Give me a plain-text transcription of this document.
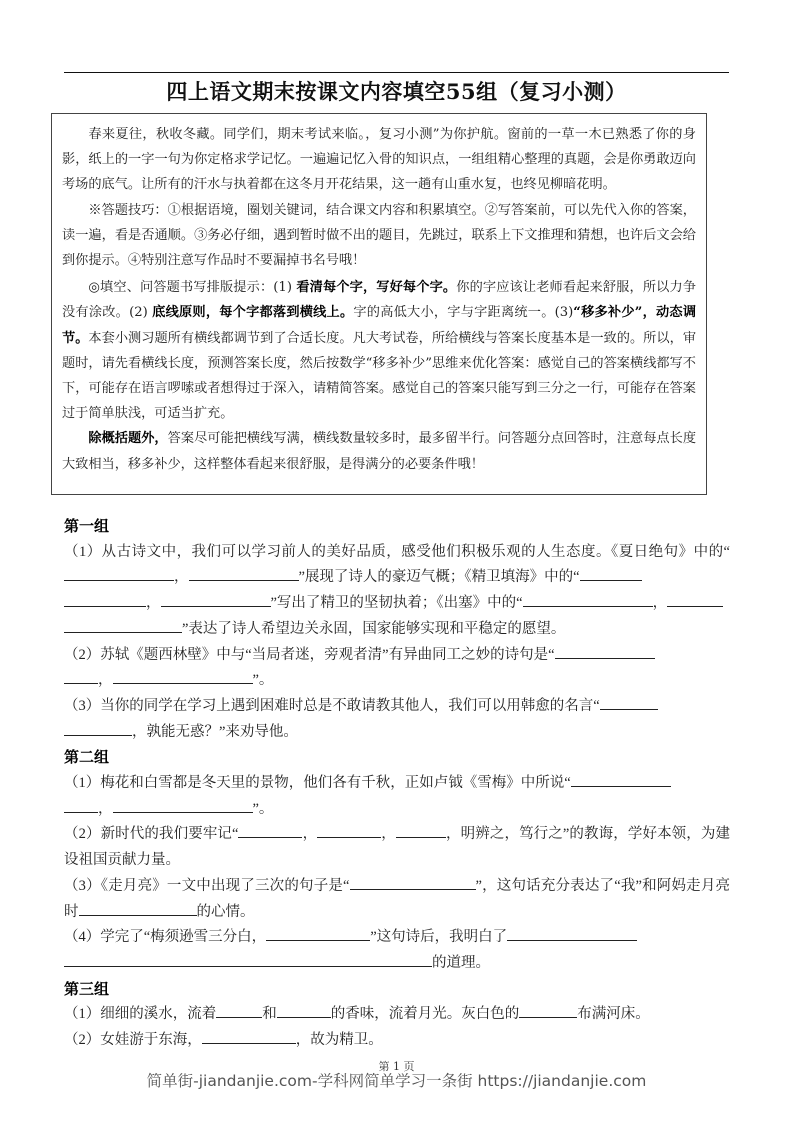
四上语文期末按课文内容填空55组（复习小测）

春来夏往，秋收冬藏。同学们，期末考试来临。，复习小测”为你护航。窗前的一草一木已熟悉了你的身影，纸上的一字一句为你定格求学记忆。一遍遍记忆入骨的知识点，一组组精心整理的真题，会是你勇敢迈向考场的底气。让所有的汗水与执着都在这冬月开花结果，这一趟有山重水复，也终见柳暗花明。

※答题技巧：①根据语境，圈划关键词，结合课文内容和积累填空。②写答案前，可以先代入你的答案，读一遍，看是否通顺。③务必仔细，遇到暂时做不出的题目，先跳过，联系上下文推理和猜想，也许后文会给到你提示。④特别注意写作品时不要漏掉书名号哦！

◎填空、问答题书写排版提示：(1) 看清每个字，写好每个字。你的字应该让老师看起来舒服，所以力争没有涂改。(2) 底线原则，每个字都落到横线上。字的高低大小，字与字距离统一。(3)“移多补少”，动态调节。本套小测习题所有横线都调节到了合适长度。凡大考试卷，所给横线与答案长度基本是一致的。所以，审题时，请先看横线长度，预测答案长度，然后按数学“移多补少”思维来优化答案：感觉自己的答案横线都写不下，可能存在语言啰嗦或者想得过于深入，请精简答案。感觉自己的答案只能写到三分之一行，可能存在答案过于简单肤浅，可适当扩充。

除概括题外，答案尽可能把横线写满，横线数量较多时，最多留半行。问答题分点回答时，注意每点长度大致相当，移多补少，这样整体看起来很舒服，是得满分的必要条件哦！

第一组

（1）从古诗文中，我们可以学习前人的美好品质，感受他们积极乐观的人生态度。《夏日绝句》中的“，	”展现了诗人的豪迈气概；《精卫填海》中的“
，	”写出了精卫的坚韧执着；《出塞》中的“	，
”表达了诗人希望边关永固，国家能够实现和平稳定的愿望。

（2）苏轼《题西林壁》中与“当局者迷，旁观者清”有异曲同工之妙的诗句是“
，	”。

（3）当你的同学在学习上遇到困难时总是不敢请教其他人，我们可以用韩愈的名言“
，孰能无惑？”来劝导他。

第二组

（1）梅花和白雪都是冬天里的景物，他们各有千秋，正如卢钺《雪梅》中所说“
，	”。

（2）新时代的我们要牢记“	，	，	，明辨之，笃行之”的教诲，学好本领，为建设祖国贡献力量。

（3）《走月亮》一文中出现了三次的句子是“	”，这句话充分表达了“我”和阿妈走月亮时	的心情。

（4）学完了“梅须逊雪三分白，	”这句诗后，我明白了
的道理。

第三组

（1）细细的溪水，流着	和	的香味，流着月光。灰白色的	布满河床。

（2）女娃游于东海，	，故为精卫。

第 1 页
简单街-jiandanjie.com-学科网简单学习一条街 https://jiandanjie.com
